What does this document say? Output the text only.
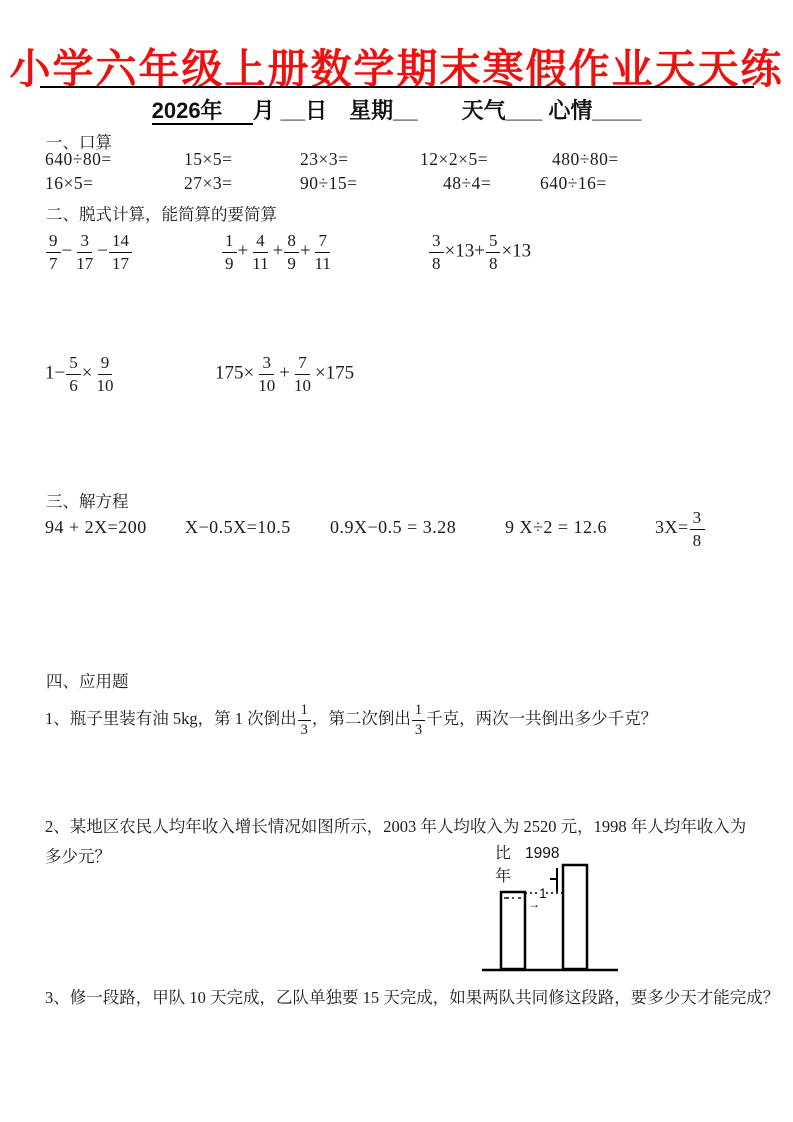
小学六年级上册数学期末寒假作业天天练
2026年 月 __日　星期__　　天气___ 心情____
一、口算
640÷80=	15×5=	23×3=	12×2×5=	480÷80=
16×5=	27×3=	90÷15=	48÷4=	640÷16=
二、脱式计算，能简算的要简算
$\frac{9}{7} - \frac{3}{17} - \frac{14}{17}$	$\frac{1}{9} + \frac{4}{11} + \frac{8}{9} + \frac{7}{11}$	$\frac{3}{8} \times 13+ \frac{5}{8} \times 13$
$1- \frac{5}{6} \times \frac{9}{10}$	$175\times \frac{3}{10} + \frac{7}{10} \times 175$
三、解方程
94 + 2X=200 X−0.5X=10.5 0.9X−0.5 = 3.28	9 X÷2 = 12.6	$3X= \frac{3}{8}$
四、应用题
1、瓶子里装有油 5kg，第 1 次倒出 $\frac{1}{3}$ ，第二次倒出 $\frac{1}{3}$ 千克，两次一共倒出多少千克？
2、某地区农民人均年收入增长情况如图所示，2003 年人均收入为 2520 元，1998 年人均年收入为多少元？
3、修一段路，甲队 10 天完成，乙队单独要 15 天完成，如果两队共同修这段路，要多少天才能完成？
1
→
比 1998
年
